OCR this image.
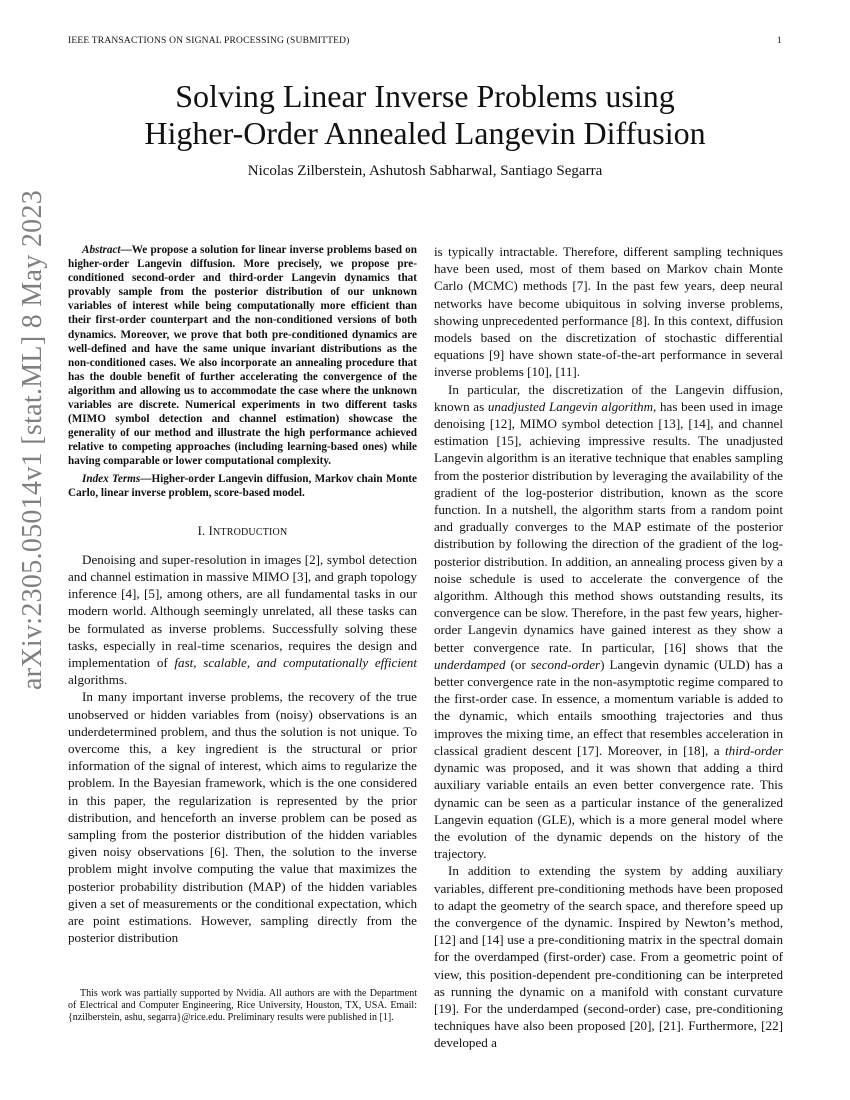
IEEE TRANSACTIONS ON SIGNAL PROCESSING (SUBMITTED)	1
Solving Linear Inverse Problems using
Higher-Order Annealed Langevin Diffusion
Nicolas Zilberstein, Ashutosh Sabharwal, Santiago Segarra
arXiv:2305.05014v1 [stat.ML] 8 May 2023	Abstract—We propose a solution for linear inverse problems based on higher-order Langevin diffusion. More precisely, we propose pre-conditioned second-order and third-order Langevin dynamics that provably sample from the posterior distribution of our unknown variables of interest while being computationally more efficient than their first-order counterpart and the non-conditioned versions of both dynamics. Moreover, we prove that both pre-conditioned dynamics are well-defined and have the same unique invariant distributions as the non-conditioned cases. We also incorporate an annealing procedure that has the double benefit of further accelerating the convergence of the algorithm and allowing us to accommodate the case where the unknown variables are discrete. Numerical experiments in two different tasks (MIMO symbol detection and channel estimation) showcase the generality of our method and illustrate the high performance achieved relative to competing approaches (including learning-based ones) while having comparable or lower computational complexity.

Index Terms—Higher-order Langevin diffusion, Markov chain Monte Carlo, linear inverse problem, score-based model.

I. INTRODUCTION

Denoising and super-resolution in images [2], symbol detection and channel estimation in massive MIMO [3], and graph topology inference [4], [5], among others, are all fundamental tasks in our modern world. Although seemingly unrelated, all these tasks can be formulated as inverse problems. Successfully solving these tasks, especially in real-time scenarios, requires the design and implementation of fast, scalable, and computationally efficient algorithms.

In many important inverse problems, the recovery of the true unobserved or hidden variables from (noisy) observations is an underdetermined problem, and thus the solution is not unique. To overcome this, a key ingredient is the structural or prior information of the signal of interest, which aims to regularize the problem. In the Bayesian framework, which is the one considered in this paper, the regularization is represented by the prior distribution, and henceforth an inverse problem can be posed as sampling from the posterior distribution of the hidden variables given noisy observations [6]. Then, the solution to the inverse problem might involve computing the value that maximizes the posterior probability distribution (MAP) of the hidden variables given a set of measurements or the conditional expectation, which are point estimations. However, sampling directly from the posterior distribution

This work was partially supported by Nvidia. All authors are with the Department of Electrical and Computer Engineering, Rice University, Houston, TX, USA. Email: {nzilberstein, ashu, segarra}@rice.edu. Preliminary results were published in [1].

is typically intractable. Therefore, different sampling techniques have been used, most of them based on Markov chain Monte Carlo (MCMC) methods [7]. In the past few years, deep neural networks have become ubiquitous in solving inverse problems, showing unprecedented performance [8]. In this context, diffusion models based on the discretization of stochastic differential equations [9] have shown state-of-the-art performance in several inverse problems [10], [11].

In particular, the discretization of the Langevin diffusion, known as unadjusted Langevin algorithm, has been used in image denoising [12], MIMO symbol detection [13], [14], and channel estimation [15], achieving impressive results. The unadjusted Langevin algorithm is an iterative technique that enables sampling from the posterior distribution by leveraging the availability of the gradient of the log-posterior distribution, known as the score function. In a nutshell, the algorithm starts from a random point and gradually converges to the MAP estimate of the posterior distribution by following the direction of the gradient of the log-posterior distribution. In addition, an annealing process given by a noise schedule is used to accelerate the convergence of the algorithm. Although this method shows outstanding results, its convergence can be slow. Therefore, in the past few years, higher-order Langevin dynamics have gained interest as they show a better convergence rate. In particular, [16] shows that the underdamped (or second-order) Langevin dynamic (ULD) has a better convergence rate in the non-asymptotic regime compared to the first-order case. In essence, a momentum variable is added to the dynamic, which entails smoothing trajectories and thus improves the mixing time, an effect that resembles acceleration in classical gradient descent [17]. Moreover, in [18], a third-order dynamic was proposed, and it was shown that adding a third auxiliary variable entails an even better convergence rate. This dynamic can be seen as a particular instance of the generalized Langevin equation (GLE), which is a more general model where the evolution of the dynamic depends on the history of the trajectory.

In addition to extending the system by adding auxiliary variables, different pre-conditioning methods have been proposed to adapt the geometry of the search space, and therefore speed up the convergence of the dynamic. Inspired by Newton’s method, [12] and [14] use a pre-conditioning matrix in the spectral domain for the overdamped (first-order) case. From a geometric point of view, this position-dependent pre-conditioning can be interpreted as running the dynamic on a manifold with constant curvature [19]. For the underdamped (second-order) case, pre-conditioning techniques have also been proposed [20], [21]. Furthermore, [22] developed a
